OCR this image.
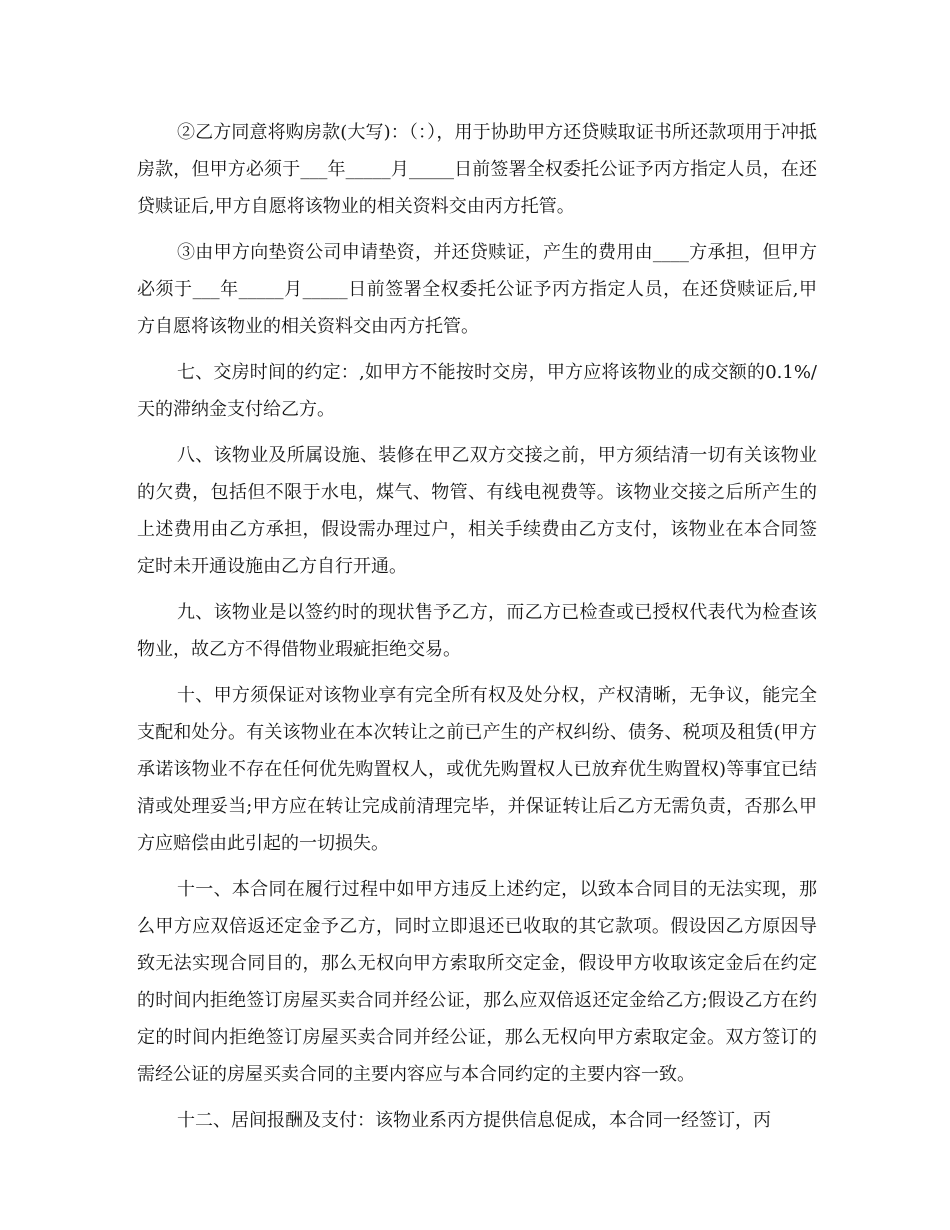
②乙方同意将购房款(大写)：（：），用于协助甲方还贷赎取证书所还款项用于冲抵房款，但甲方必须于___年_____月_____日前签署全权委托公证予丙方指定人员，在还贷赎证后,甲方自愿将该物业的相关资料交由丙方托管。

③由甲方向垫资公司申请垫资，并还贷赎证，产生的费用由____方承担，但甲方必须于___年_____月_____日前签署全权委托公证予丙方指定人员，在还贷赎证后,甲方自愿将该物业的相关资料交由丙方托管。

七、交房时间的约定：,如甲方不能按时交房，甲方应将该物业的成交额的0.1%/天的滞纳金支付给乙方。

八、该物业及所属设施、装修在甲乙双方交接之前，甲方须结清一切有关该物业的欠费，包括但不限于水电，煤气、物管、有线电视费等。该物业交接之后所产生的上述费用由乙方承担，假设需办理过户，相关手续费由乙方支付，该物业在本合同签定时未开通设施由乙方自行开通。

九、该物业是以签约时的现状售予乙方，而乙方已检查或已授权代表代为检查该物业，故乙方不得借物业瑕疵拒绝交易。

十、甲方须保证对该物业享有完全所有权及处分权，产权清晰，无争议，能完全支配和处分。有关该物业在本次转让之前已产生的产权纠纷、债务、税项及租赁(甲方承诺该物业不存在任何优先购置权人，或优先购置权人已放弃优生购置权)等事宜已结清或处理妥当;甲方应在转让完成前清理完毕，并保证转让后乙方无需负责，否那么甲方应赔偿由此引起的一切损失。

十一、本合同在履行过程中如甲方违反上述约定，以致本合同目的无法实现，那么甲方应双倍返还定金予乙方，同时立即退还已收取的其它款项。假设因乙方原因导致无法实现合同目的，那么无权向甲方索取所交定金，假设甲方收取该定金后在约定的时间内拒绝签订房屋买卖合同并经公证，那么应双倍返还定金给乙方;假设乙方在约定的时间内拒绝签订房屋买卖合同并经公证，那么无权向甲方索取定金。双方签订的需经公证的房屋买卖合同的主要内容应与本合同约定的主要内容一致。

十二、居间报酬及支付：该物业系丙方提供信息促成，本合同一经签订，丙
